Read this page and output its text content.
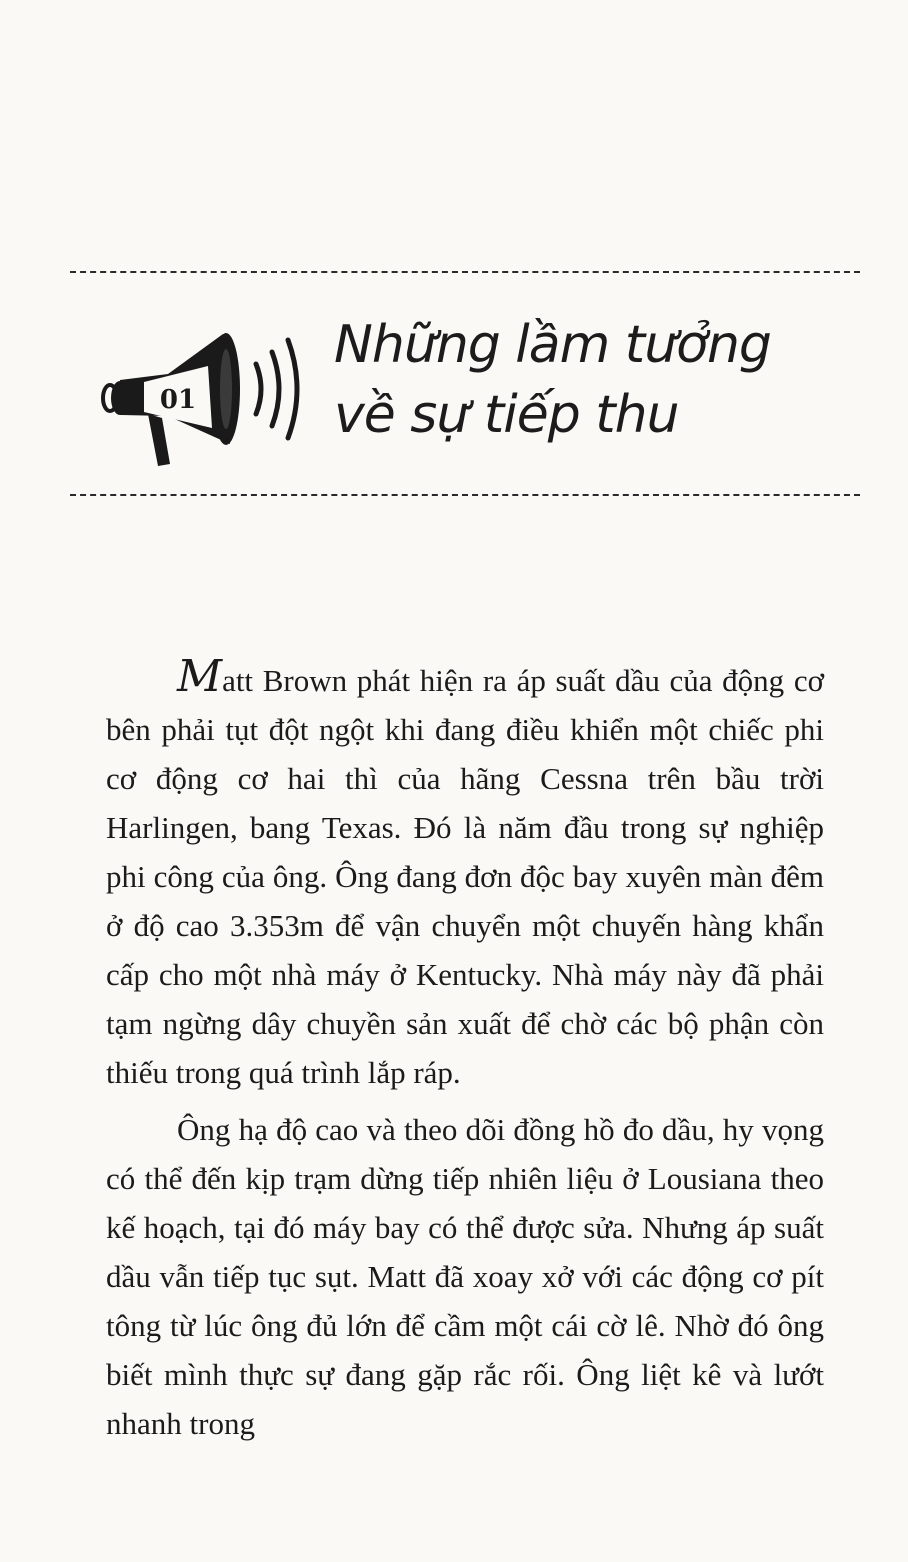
01
Những lầm tưởng
về sự tiếp thu

Matt Brown phát hiện ra áp suất dầu của động cơ bên phải tụt đột ngột khi đang điều khiển một chiếc phi cơ động cơ hai thì của hãng Cessna trên bầu trời Harlingen, bang Texas. Đó là năm đầu trong sự nghiệp phi công của ông. Ông đang đơn độc bay xuyên màn đêm ở độ cao 3.353m để vận chuyển một chuyến hàng khẩn cấp cho một nhà máy ở Kentucky. Nhà máy này đã phải tạm ngừng dây chuyền sản xuất để chờ các bộ phận còn thiếu trong quá trình lắp ráp.

Ông hạ độ cao và theo dõi đồng hồ đo dầu, hy vọng có thể đến kịp trạm dừng tiếp nhiên liệu ở Lousiana theo kế hoạch, tại đó máy bay có thể được sửa. Nhưng áp suất dầu vẫn tiếp tục sụt. Matt đã xoay xở với các động cơ pít tông từ lúc ông đủ lớn để cầm một cái cờ lê. Nhờ đó ông biết mình thực sự đang gặp rắc rối. Ông liệt kê và lướt nhanh trong
